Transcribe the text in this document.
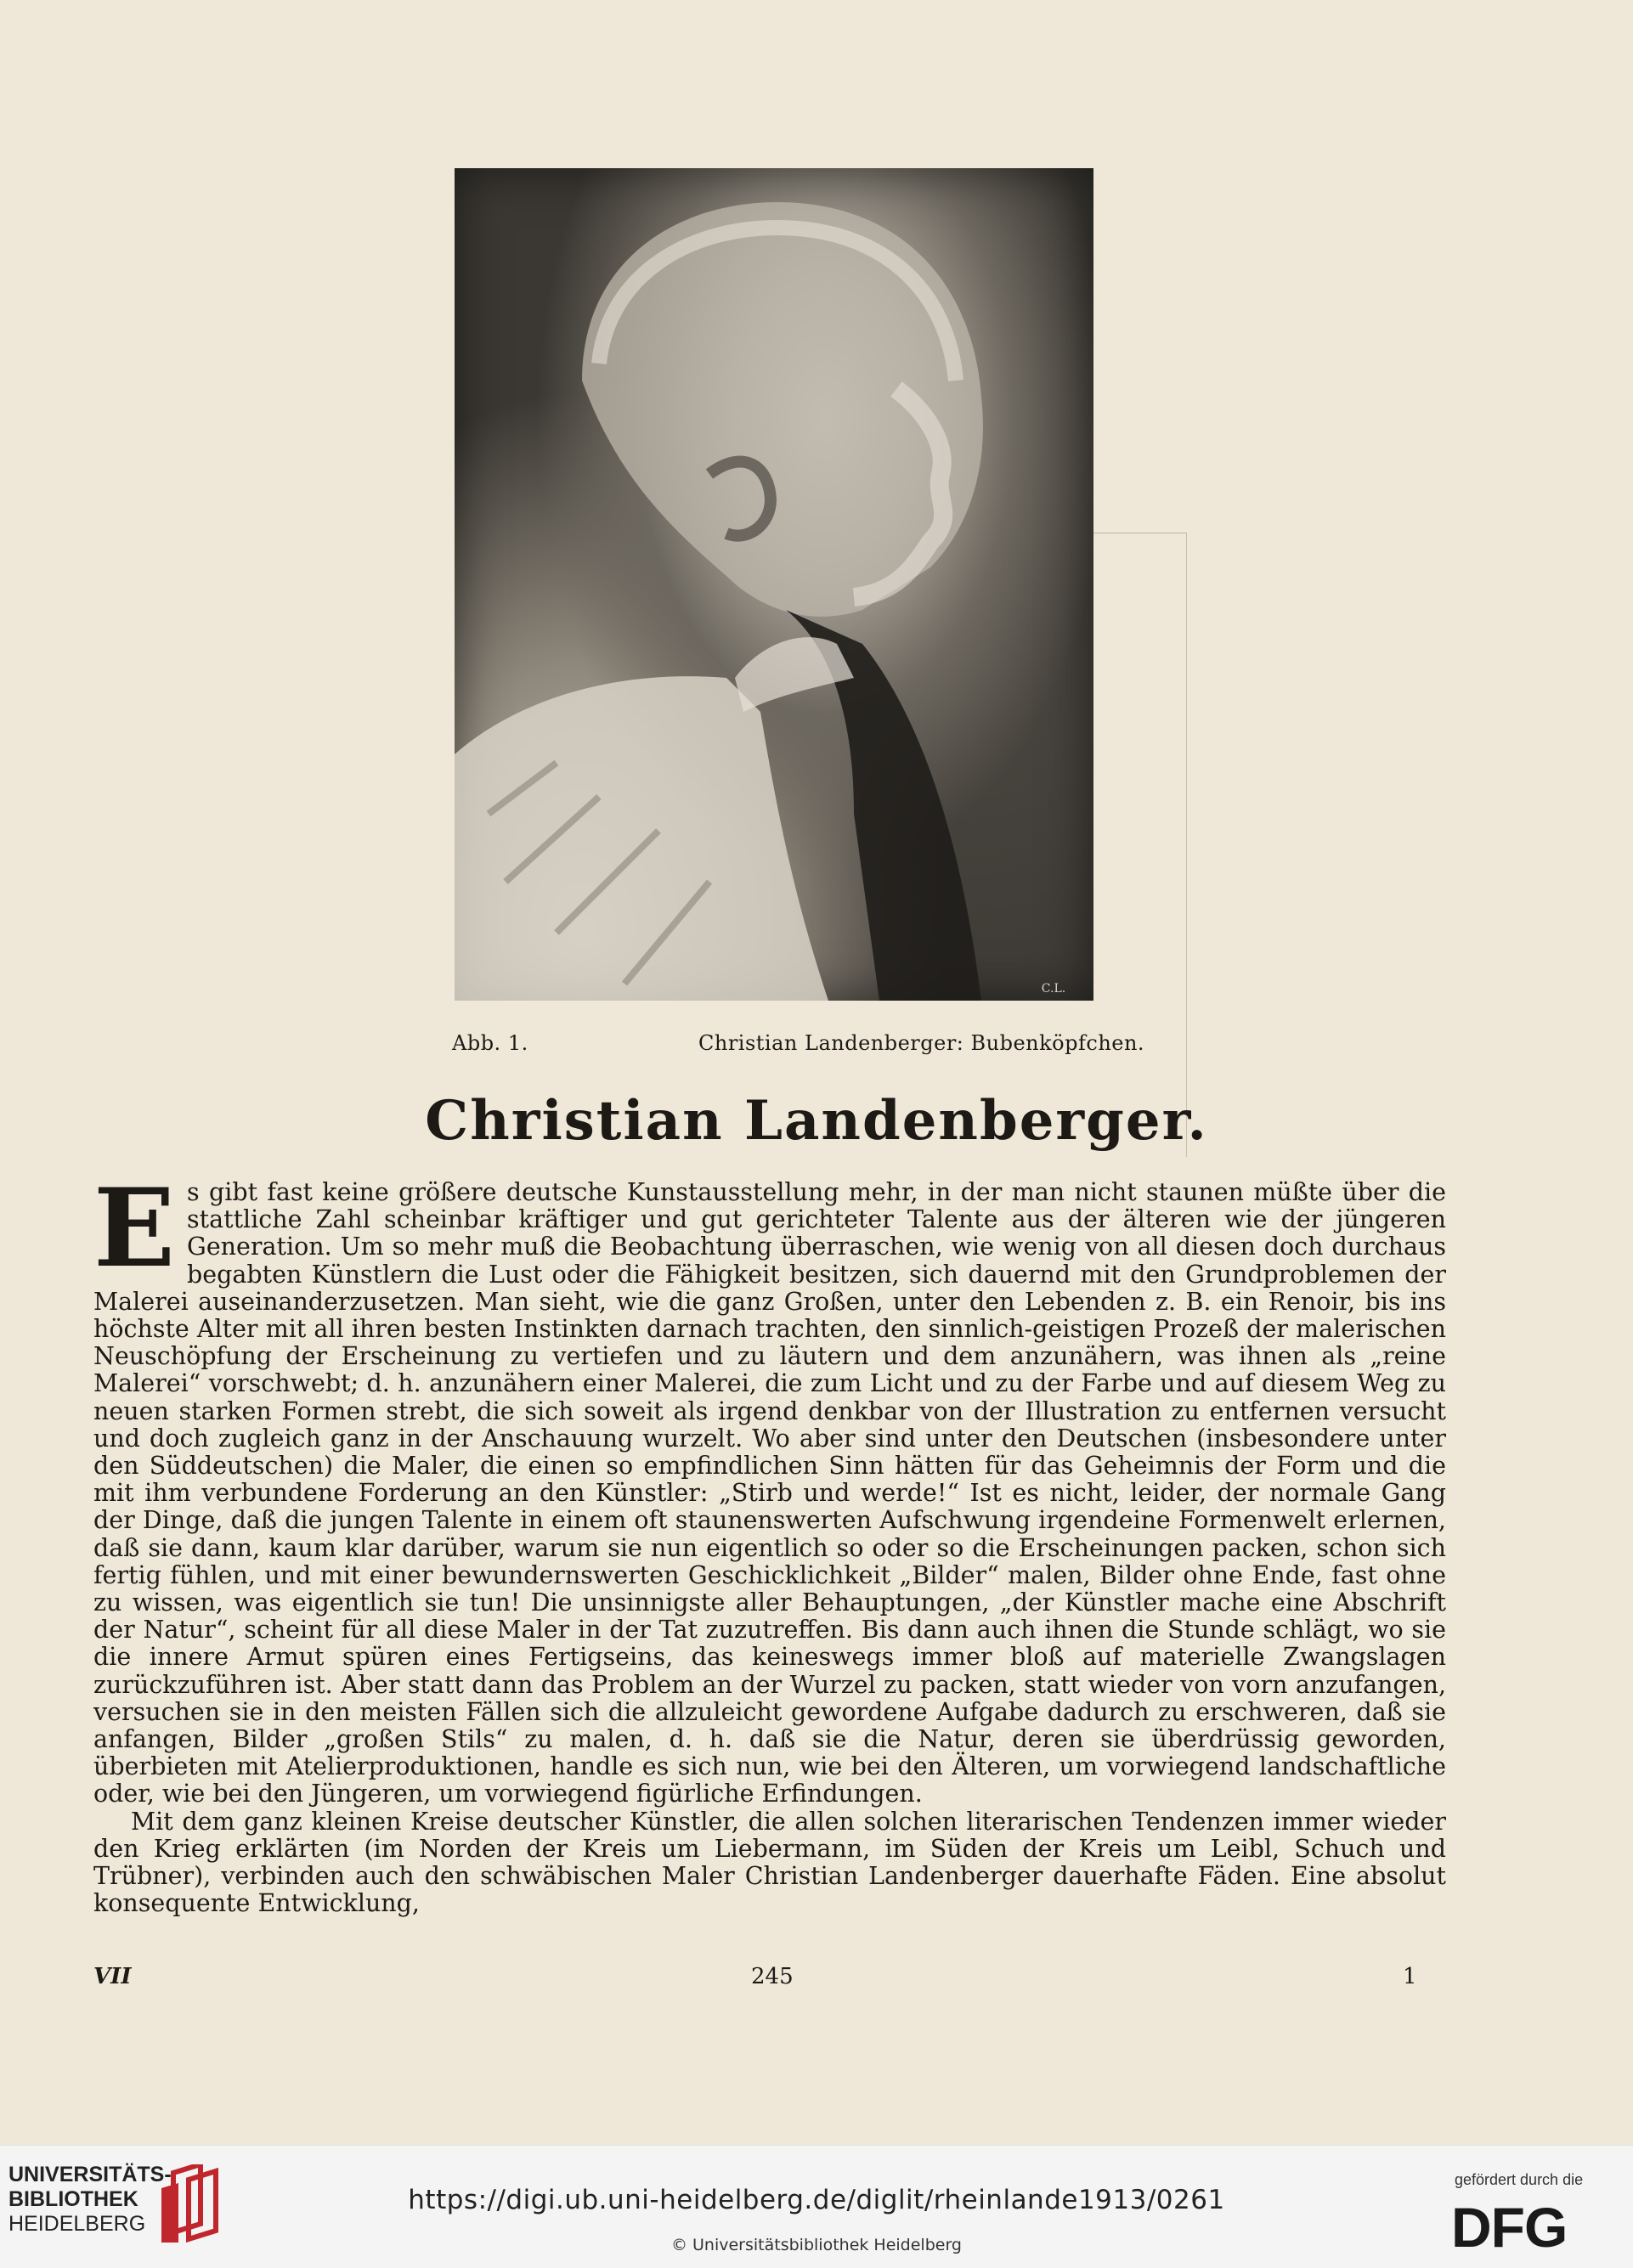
C.L.
Abb. 1.	Christian Landenberger: Bubenköpfchen.
Christian Landenberger.

Es gibt fast keine größere deutsche Kunstausstellung mehr, in der man nicht staunen müßte über die stattliche Zahl scheinbar kräftiger und gut gerichteter Talente aus der älteren wie der jüngeren Generation. Um so mehr muß die Beobachtung überraschen, wie wenig von all diesen doch durchaus begabten Künstlern die Lust oder die Fähigkeit besitzen, sich dauernd mit den Grundproblemen der Malerei auseinanderzusetzen. Man sieht, wie die ganz Großen, unter den Lebenden z. B. ein Renoir, bis ins höchste Alter mit all ihren besten Instinkten darnach trachten, den sinnlich-geistigen Prozeß der malerischen Neuschöpfung der Erscheinung zu vertiefen und zu läutern und dem anzunähern, was ihnen als „reine Malerei“ vorschwebt; d. h. anzunähern einer Malerei, die zum Licht und zu der Farbe und auf diesem Weg zu neuen starken Formen strebt, die sich soweit als irgend denkbar von der Illustration zu entfernen versucht und doch zugleich ganz in der Anschauung wurzelt. Wo aber sind unter den Deutschen (insbesondere unter den Süddeutschen) die Maler, die einen so empfindlichen Sinn hätten für das Geheimnis der Form und die mit ihm verbundene Forderung an den Künstler: „Stirb und werde!“ Ist es nicht, leider, der normale Gang der Dinge, daß die jungen Talente in einem oft staunenswerten Aufschwung irgendeine Formenwelt erlernen, daß sie dann, kaum klar darüber, warum sie nun eigentlich so oder so die Erscheinungen packen, schon sich fertig fühlen, und mit einer bewundernswerten Geschicklichkeit „Bilder“ malen, Bilder ohne Ende, fast ohne zu wissen, was eigentlich sie tun! Die unsinnigste aller Behauptungen, „der Künstler mache eine Abschrift der Natur“, scheint für all diese Maler in der Tat zuzutreffen. Bis dann auch ihnen die Stunde schlägt, wo sie die innere Armut spüren eines Fertigseins, das keineswegs immer bloß auf materielle Zwangslagen zurückzuführen ist. Aber statt dann das Problem an der Wurzel zu packen, statt wieder von vorn anzufangen, versuchen sie in den meisten Fällen sich die allzuleicht gewordene Aufgabe dadurch zu erschweren, daß sie anfangen, Bilder „großen Stils“ zu malen, d. h. daß sie die Natur, deren sie überdrüssig geworden, überbieten mit Atelierproduktionen, handle es sich nun, wie bei den Älteren, um vorwiegend landschaftliche oder, wie bei den Jüngeren, um vorwiegend figürliche Erfindungen.

Mit dem ganz kleinen Kreise deutscher Künstler, die allen solchen literarischen Tendenzen immer wieder den Krieg erklärten (im Norden der Kreis um Liebermann, im Süden der Kreis um Leibl, Schuch und Trübner), verbinden auch den schwäbischen Maler Christian Landenberger dauerhafte Fäden. Eine absolut konsequente Entwicklung,

VII	245	1
UNIVERSITÄTS-
BIBLIOTHEK
HEIDELBERG
https://digi.ub.uni-heidelberg.de/diglit/rheinlande1913/0261
© Universitätsbibliothek Heidelberg
gefördert durch die
DFG
